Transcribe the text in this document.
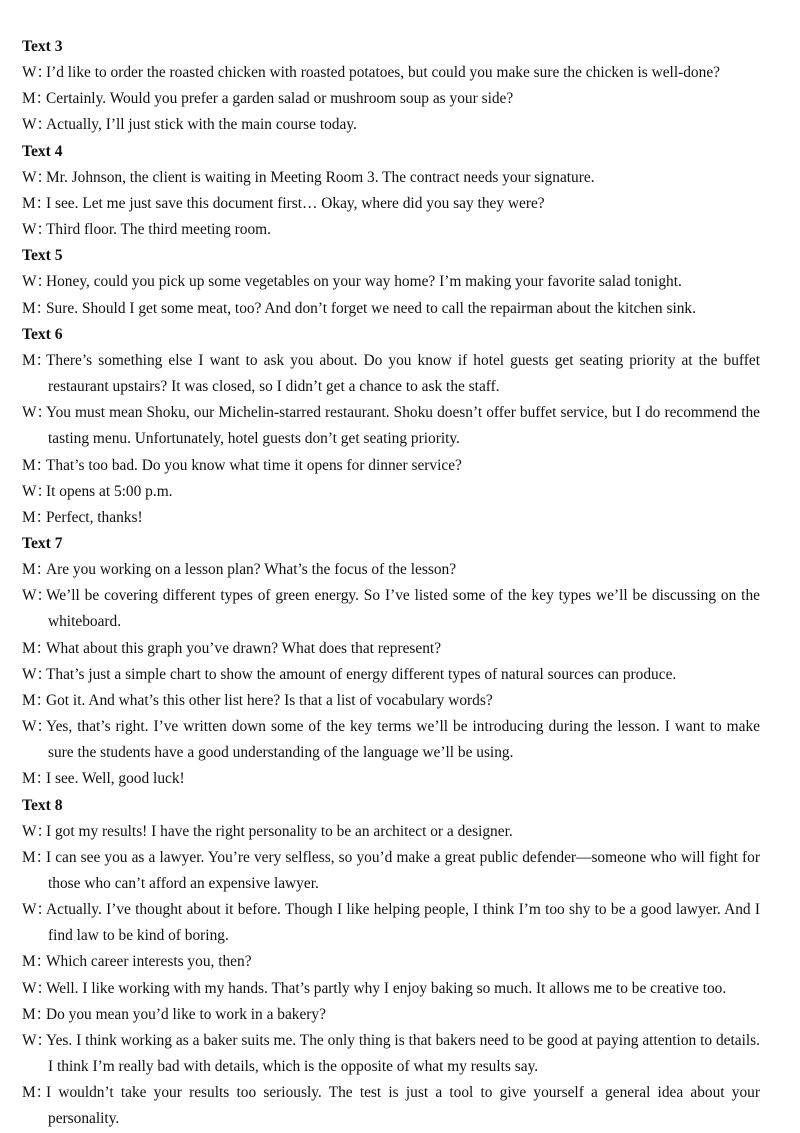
Text 3
W：I’d like to order the roasted chicken with roasted potatoes, but could you make sure the chicken is well-done?
M：Certainly. Would you prefer a garden salad or mushroom soup as your side?
W：Actually, I’ll just stick with the main course today.
Text 4
W：Mr. Johnson, the client is waiting in Meeting Room 3. The contract needs your signature.
M：I see. Let me just save this document first… Okay, where did you say they were?
W：Third floor. The third meeting room.
Text 5
W：Honey, could you pick up some vegetables on your way home? I’m making your favorite salad tonight.
M：Sure. Should I get some meat, too? And don’t forget we need to call the repairman about the kitchen sink.
Text 6
M：There’s something else I want to ask you about. Do you know if hotel guests get seating priority at the buffet restaurant upstairs? It was closed, so I didn’t get a chance to ask the staff.
W：You must mean Shoku, our Michelin-starred restaurant. Shoku doesn’t offer buffet service, but I do recommend the tasting menu. Unfortunately, hotel guests don’t get seating priority.
M：That’s too bad. Do you know what time it opens for dinner service?
W：It opens at 5:00 p.m.
M：Perfect, thanks!
Text 7
M：Are you working on a lesson plan? What’s the focus of the lesson?
W：We’ll be covering different types of green energy. So I’ve listed some of the key types we’ll be discussing on the whiteboard.
M：What about this graph you’ve drawn? What does that represent?
W：That’s just a simple chart to show the amount of energy different types of natural sources can produce.
M：Got it. And what’s this other list here? Is that a list of vocabulary words?
W：Yes, that’s right. I’ve written down some of the key terms we’ll be introducing during the lesson. I want to make sure the students have a good understanding of the language we’ll be using.
M：I see. Well, good luck!
Text 8
W：I got my results! I have the right personality to be an architect or a designer.
M：I can see you as a lawyer. You’re very selfless, so you’d make a great public defender—someone who will fight for those who can’t afford an expensive lawyer.
W：Actually. I’ve thought about it before. Though I like helping people, I think I’m too shy to be a good lawyer. And I find law to be kind of boring.
M：Which career interests you, then?
W：Well. I like working with my hands. That’s partly why I enjoy baking so much. It allows me to be creative too.
M：Do you mean you’d like to work in a bakery?
W：Yes. I think working as a baker suits me. The only thing is that bakers need to be good at paying attention to details. I think I’m really bad with details, which is the opposite of what my results say.
M：I wouldn’t take your results too seriously. The test is just a tool to give yourself a general idea about your personality.
